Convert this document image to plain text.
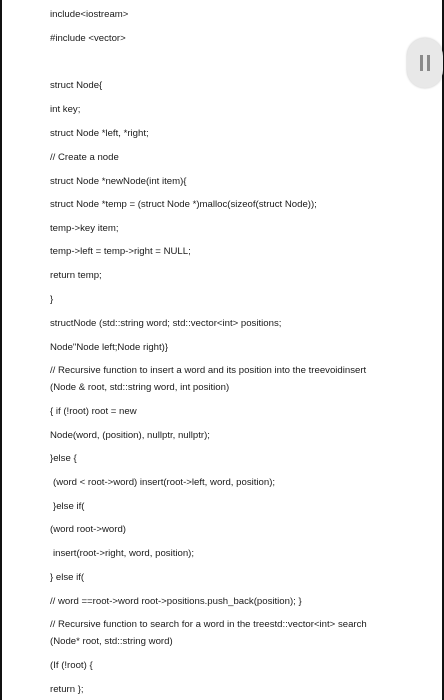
include<iostream>
#include <vector>
struct Node{
int key;
struct Node *left, *right;
// Create a node
struct Node *newNode(int item){
struct Node *temp = (struct Node *)malloc(sizeof(struct Node));
temp->key item;
temp->left = temp->right = NULL;
return temp;
}
structNode (std::string word; std::vector<int> positions;
Node"Node left;Node right)}
// Recursive function to insert a word and its position into the treevoidinsert
(Node & root, std::string word, int position)
{ if (!root) root = new
Node(word, (position), nullptr, nullptr);
}else {
(word < root->word) insert(root->left, word, position);
}else if(
(word root->word)
insert(root->right, word, position);
} else if(
// word ==root->word root->positions.push_back(position); }
// Recursive function to search for a word in the treestd::vector<int> search
(Node* root, std::string word)
(If (!root) {
return };
